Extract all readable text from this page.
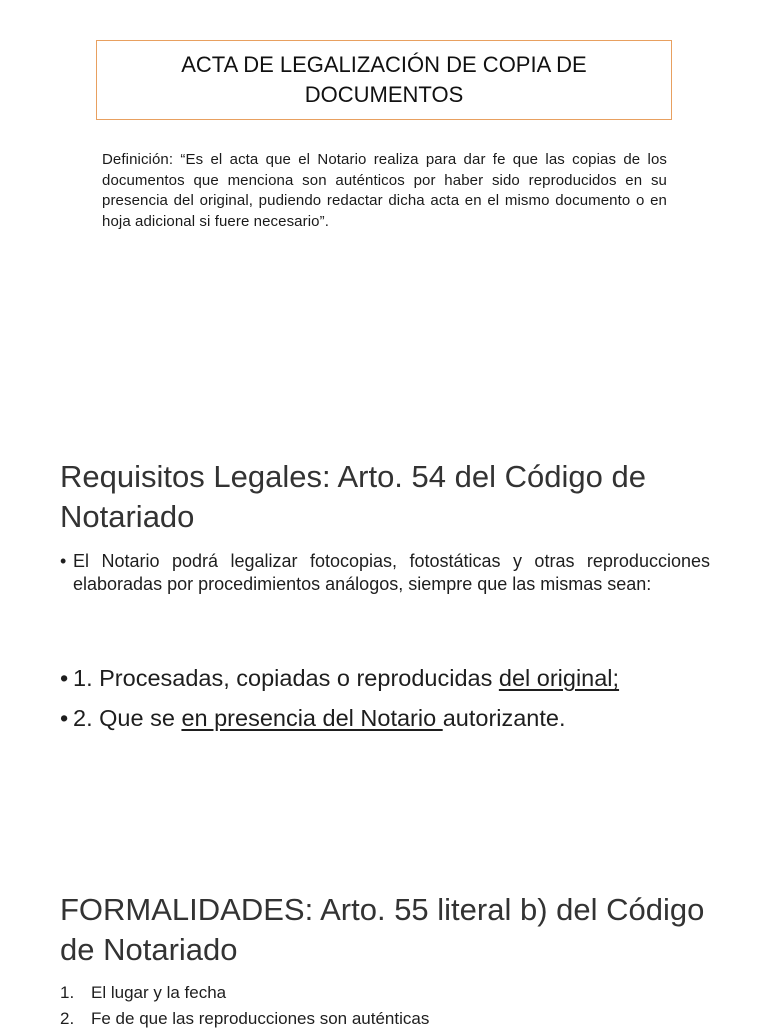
ACTA DE LEGALIZACIÓN DE COPIA DE
DOCUMENTOS
Definición: “Es el acta que el Notario realiza para dar fe que las copias de los documentos que menciona son auténticos por haber sido reproducidos en su presencia del original, pudiendo redactar dicha acta en el mismo documento o en hoja adicional si fuere necesario”.
Requisitos Legales: Arto. 54 del Código de Notariado
• El Notario podrá legalizar fotocopias, fotostáticas y otras reproducciones elaboradas por procedimientos análogos, siempre que las mismas sean:
• 1. Procesadas, copiadas o reproducidas del original;
• 2. Que se en presencia del Notario autorizante.
FORMALIDADES: Arto. 55 literal b) del Código de Notariado
1. El lugar y la fecha
2. Fe de que las reproducciones son auténticas
